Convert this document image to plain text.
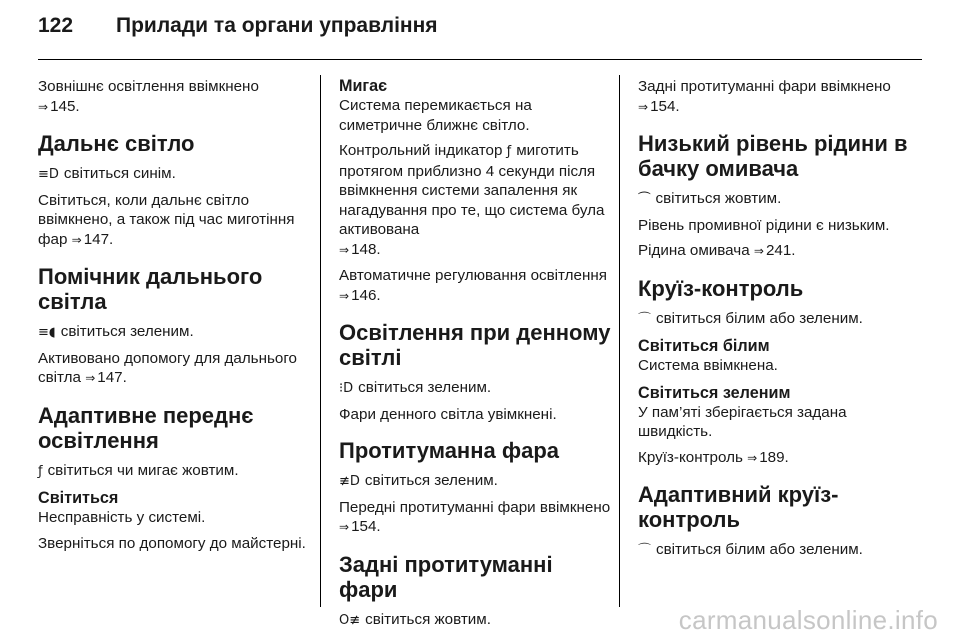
122	Прилади та органи управління

Зовнішнє освітлення ввімкнено
⇒ 145.

Дальнє світло

≡D світиться синім.

Світиться, коли дальнє світло ввімкнено, а також під час миготіння фар ⇒ 147.

Помічник дальнього світла

≡◖ світиться зеленим.

Активовано допомогу для дальнього світла ⇒ 147.

Адаптивне переднє освітлення

ƒ світиться чи мигає жовтим.

Світиться

Несправність у системі.

Зверніться по допомогу до майстерні.

Мигає

Система перемикається на симетричне ближнє світло.

Контрольний індикатор ƒ миготить протягом приблизно 4 секунди після ввімкнення системи запалення як нагадування про те, що система була активована
⇒ 148.

Автоматичне регулювання освітлення ⇒ 146.

Освітлення при денному світлі

⁝D світиться зеленим.

Фари денного світла увімкнені.

Протитуманна фара

≢D світиться зеленим.

Передні протитуманні фари ввімкнено ⇒ 154.

Задні протитуманні фари

O≢ світиться жовтим.

Задні протитуманні фари ввімкнено ⇒ 154.

Низький рівень рідини в бачку омивача

⏜ світиться жовтим.

Рівень промивної рідини є низьким.

Рідина омивача ⇒ 241.

Круїз-контроль

⌒ світиться білим або зеленим.

Світиться білим

Система ввімкнена.

Світиться зеленим

У пам’яті зберігається задана швидкість.

Круїз-контроль ⇒ 189.

Адаптивний круїз-контроль

⌒ світиться білим або зеленим.

carmanualsonline.info
